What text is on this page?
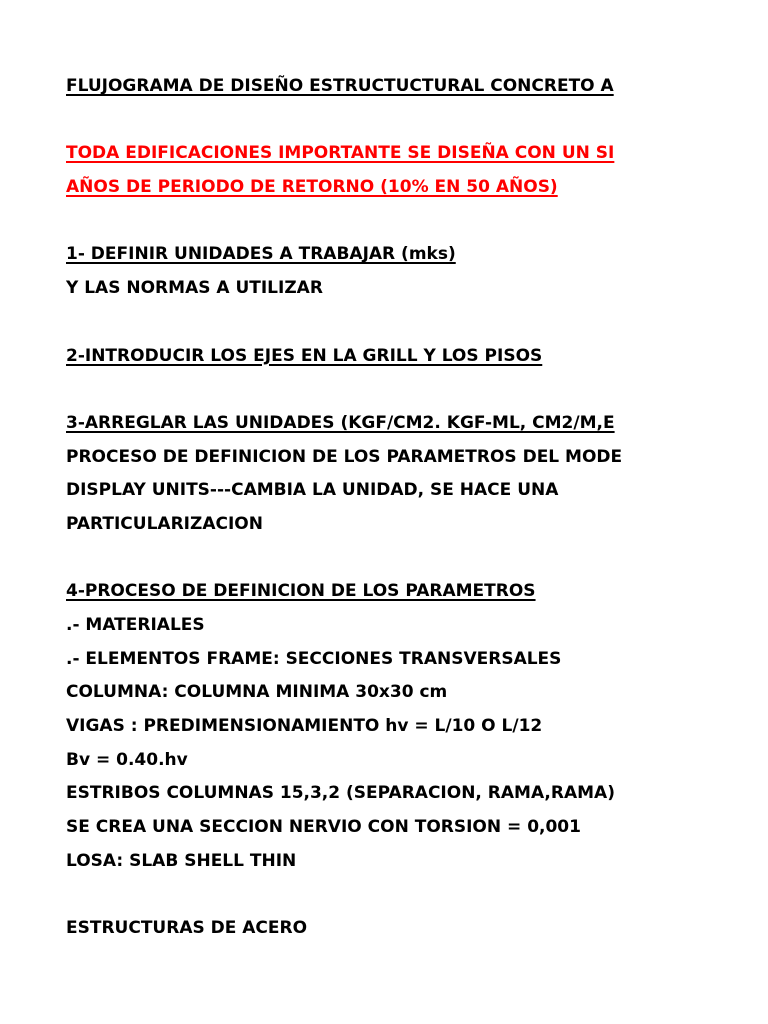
FLUJOGRAMA DE DISEÑO ESTRUCTUCTURAL CONCRETO A
TODA EDIFICACIONES IMPORTANTE SE DISEÑA CON UN SI
AÑOS DE PERIODO DE RETORNO (10% EN 50 AÑOS)
1- DEFINIR UNIDADES A TRABAJAR (mks)
Y LAS NORMAS A UTILIZAR
2-INTRODUCIR LOS EJES EN LA GRILL Y LOS PISOS
3-ARREGLAR LAS UNIDADES (KGF/CM2. KGF-ML, CM2/M,E
PROCESO DE DEFINICION DE LOS PARAMETROS DEL MODE
DISPLAY UNITS---CAMBIA LA UNIDAD, SE HACE UNA
PARTICULARIZACION
4-PROCESO DE DEFINICION DE LOS PARAMETROS
.- MATERIALES
.- ELEMENTOS FRAME: SECCIONES TRANSVERSALES
COLUMNA: COLUMNA MINIMA 30x30 cm
VIGAS : PREDIMENSIONAMIENTO hv = L/10 O L/12
Bv = 0.40.hv
ESTRIBOS COLUMNAS 15,3,2 (SEPARACION, RAMA,RAMA)
SE CREA UNA SECCION NERVIO CON TORSION = 0,001
LOSA: SLAB SHELL THIN
ESTRUCTURAS DE ACERO
